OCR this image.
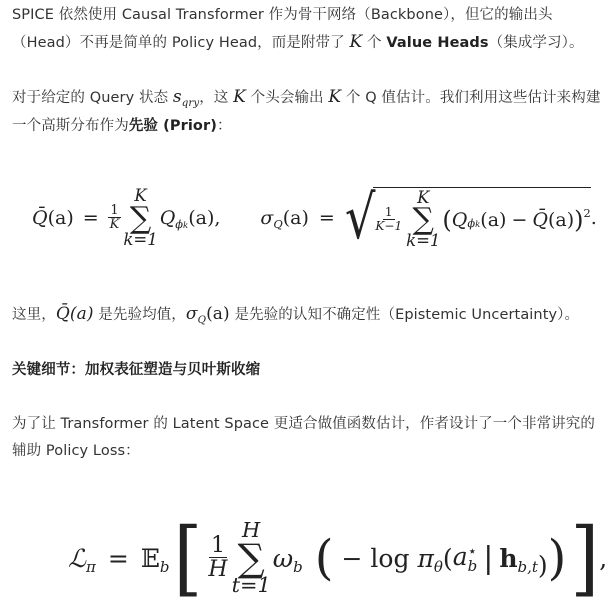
SPICE 依然使用 Causal Transformer 作为骨干网络（Backbone），但它的输出头（Head）不再是简单的 Policy Head，而是附带了 K 个 Value Heads（集成学习）。
对于给定的 Query 状态 $s_{qry}$，这 K 个头会输出 K 个 Q 值估计。我们利用这些估计来构建一个高斯分布作为先验 (Prior)：
Q̄(a) = $\frac{1}{K}$
K
∑
k=1
$Q_{\phi k}(a)$ , $\sigma_Q(a)$ = √
$\frac{1}{K-1}$
K
∑
k=1
( Q ϕk (a) − Q̄ (a) ) 2 .
这里，Q̄(a) 是先验均值，$\sigma_Q(a)$ 是先验的认知不确定性（Epistemic Uncertainty）。
关键细节：加权表征塑造与贝叶斯收缩
为了让 Transformer 的 Latent Space 更适合做值函数估计，作者设计了一个非常讲究的辅助 Policy Loss：
ℒ$_\pi$ = 𝔼$_b$ [ $\frac{1}{H}$
H
∑
t=1
$\omega_b$ ( − $\log \pi_\theta$( a ⋆
b | $h_{b,t}$ )) ] ,
